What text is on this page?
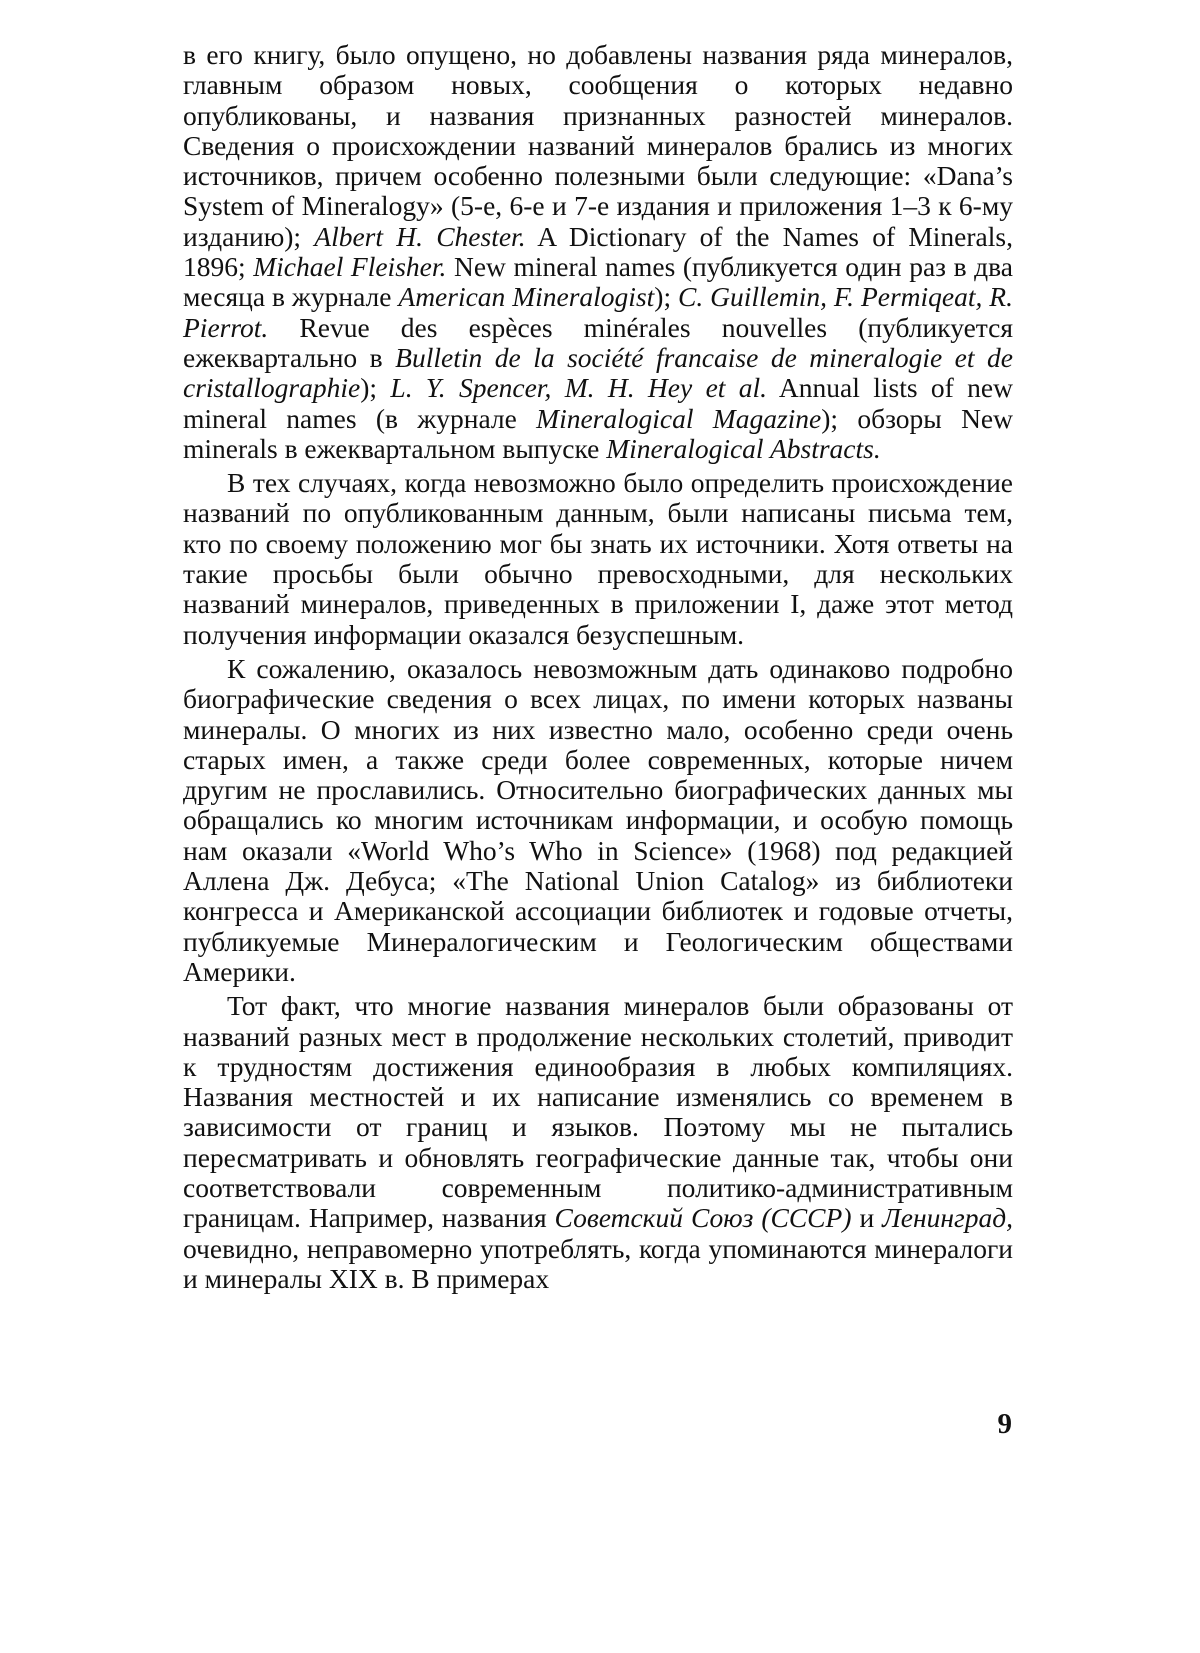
в его книгу, было опущено, но добавлены названия ряда минералов, главным образом новых, сообщения о которых недавно опубликованы, и названия признанных разностей минералов. Сведения о происхождении названий минералов брались из многих источников, причем особенно полезными были следующие: «Dana’s System of Mineralogy» (5-е, 6-е и 7-е издания и приложения 1–3 к 6-му изданию); Albert H. Chester. A Dictionary of the Names of Minerals, 1896; Michael Fleisher. New mineral names (публикуется один раз в два месяца в журнале American Mineralogist); C. Guillemin, F. Permiqeat, R. Pierrot. Revue des espèces minérales nouvelles (публикуется ежеквартально в Bulletin de la société francaise de mineralogie et de cristallographie); L. Y. Spencer, M. H. Hey et al. Annual lists of new mineral names (в журнале Mineralogical Magazine); обзоры New minerals в ежеквартальном выпуске Mineralogical Abstracts.

В тех случаях, когда невозможно было определить происхождение названий по опубликованным данным, были написаны письма тем, кто по своему положению мог бы знать их источники. Хотя ответы на такие просьбы были обычно превосходными, для нескольких названий минералов, приведенных в приложении I, даже этот метод получения информации оказался безуспешным.

К сожалению, оказалось невозможным дать одинаково подробно биографические сведения о всех лицах, по имени которых названы минералы. О многих из них известно мало, особенно среди очень старых имен, а также среди более современных, которые ничем другим не прославились. Относительно биографических данных мы обращались ко многим источникам информации, и особую помощь нам оказали «World Who’s Who in Science» (1968) под редакцией Аллена Дж. Дебуса; «The National Union Catalog» из библиотеки конгресса и Американской ассоциации библиотек и годовые отчеты, публикуемые Минералогическим и Геологическим обществами Америки.

Тот факт, что многие названия минералов были образованы от названий разных мест в продолжение нескольких столетий, приводит к трудностям достижения единообразия в любых компиляциях. Названия местностей и их написание изменялись со временем в зависимости от границ и языков. Поэтому мы не пытались пересматривать и обновлять географические данные так, чтобы они соответствовали современным политико-административным границам. Например, названия Советский Союз (СССР) и Ленинград, очевидно, неправомерно употреблять, когда упоминаются минералоги и минералы XIX в. В примерах

9
